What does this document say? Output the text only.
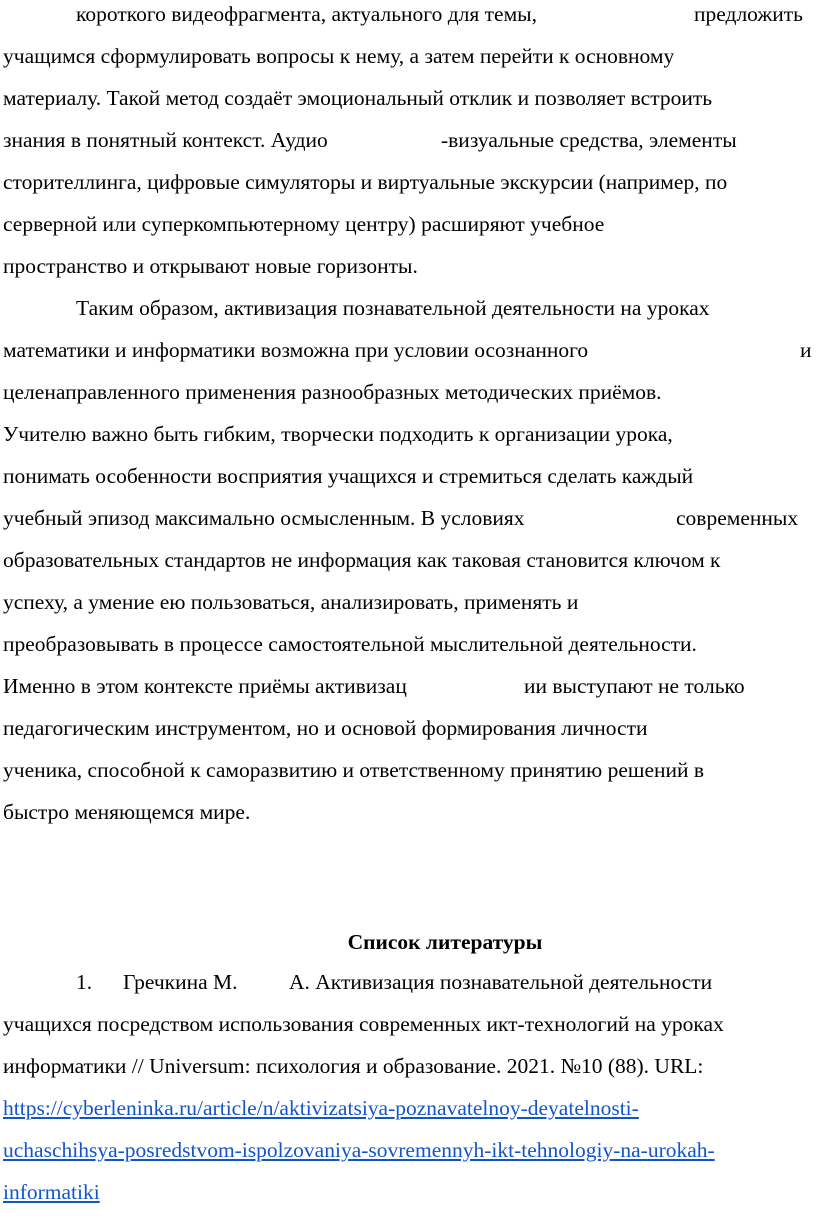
короткого видеофрагмента, актуального для темы,	предложить
учащимся сформулировать вопросы к нему, а затем перейти к основному
материалу. Такой метод создаёт эмоциональный отклик и позволяет встроить
знания в понятный контекст. Аудио	-визуальные средства, элементы
сторителлинга, цифровые симуляторы и виртуальные экскурсии (например, по
серверной или суперкомпьютерному центру) расширяют учебное
пространство и открывают новые горизонты.
Таким образом, активизация познавательной деятельности на уроках
математики и информатики возможна при условии осознанного	и
целенаправленного применения разнообразных методических приёмов.
Учителю важно быть гибким, творчески подходить к организации урока,
понимать особенности восприятия учащихся и стремиться сделать каждый
учебный эпизод максимально осмысленным. В условиях	современных
образовательных стандартов не информация как таковая становится ключом к
успеху, а умение ею пользоваться, анализировать, применять и
преобразовывать в процессе самостоятельной мыслительной деятельности.
Именно в этом контексте приёмы активизац	ии выступают не только
педагогическим инструментом, но и основой формирования личности
ученика, способной к саморазвитию и ответственному принятию решений в
быстро меняющемся мире.
Список литературы
1. Гречкина М. А. Активизация познавательной деятельности
учащихся посредством использования современных икт-технологий на уроках
информатики // Universum: психология и образование. 2021. №10 (88). URL:
https://cyberleninka.ru/article/n/aktivizatsiya-poznavatelnoy-deyatelnosti-
uchaschihsya-posredstvom-ispolzovaniya-sovremennyh-ikt-tehnologiy-na-urokah-
informatiki
